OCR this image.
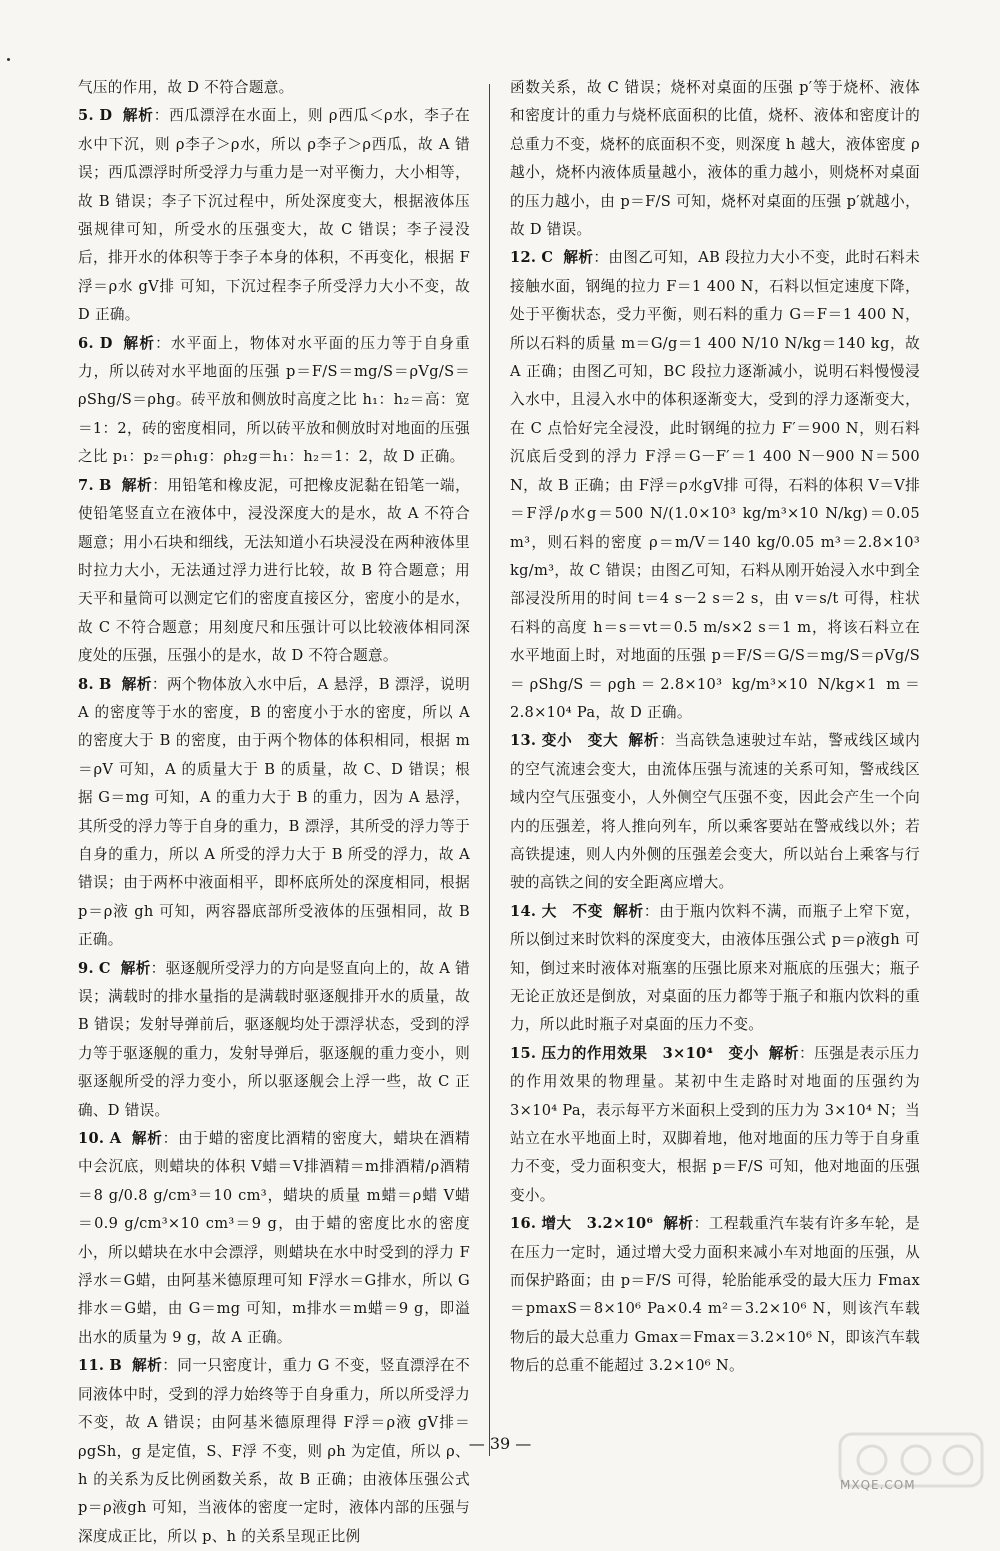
气压的作用，故 D 不符合题意。

5. D 解析：西瓜漂浮在水面上，则 ρ西瓜＜ρ水，李子在水中下沉，则 ρ李子＞ρ水，所以 ρ李子＞ρ西瓜，故 A 错误；西瓜漂浮时所受浮力与重力是一对平衡力，大小相等，故 B 错误；李子下沉过程中，所处深度变大，根据液体压强规律可知，所受水的压强变大，故 C 错误；李子浸没后，排开水的体积等于李子本身的体积，不再变化，根据 F浮＝ρ水 gV排 可知，下沉过程李子所受浮力大小不变，故 D 正确。

6. D 解析：水平面上，物体对水平面的压力等于自身重力，所以砖对水平地面的压强 p＝F/S＝mg/S＝ρVg/S＝ρShg/S＝ρhg。砖平放和侧放时高度之比 h₁：h₂＝高：宽＝1：2，砖的密度相同，所以砖平放和侧放时对地面的压强之比 p₁：p₂＝ρh₁g：ρh₂g＝h₁：h₂＝1：2，故 D 正确。

7. B 解析：用铅笔和橡皮泥，可把橡皮泥黏在铅笔一端，使铅笔竖直立在液体中，浸没深度大的是水，故 A 不符合题意；用小石块和细线，无法知道小石块浸没在两种液体里时拉力大小，无法通过浮力进行比较，故 B 符合题意；用天平和量筒可以测定它们的密度直接区分，密度小的是水，故 C 不符合题意；用刻度尺和压强计可以比较液体相同深度处的压强，压强小的是水，故 D 不符合题意。

8. B 解析：两个物体放入水中后，A 悬浮，B 漂浮，说明 A 的密度等于水的密度，B 的密度小于水的密度，所以 A 的密度大于 B 的密度，由于两个物体的体积相同，根据 m＝ρV 可知，A 的质量大于 B 的质量，故 C、D 错误；根据 G＝mg 可知，A 的重力大于 B 的重力，因为 A 悬浮，其所受的浮力等于自身的重力，B 漂浮，其所受的浮力等于自身的重力，所以 A 所受的浮力大于 B 所受的浮力，故 A 错误；由于两杯中液面相平，即杯底所处的深度相同，根据 p＝ρ液 gh 可知，两容器底部所受液体的压强相同，故 B 正确。

9. C 解析：驱逐舰所受浮力的方向是竖直向上的，故 A 错误；满载时的排水量指的是满载时驱逐舰排开水的质量，故 B 错误；发射导弹前后，驱逐舰均处于漂浮状态，受到的浮力等于驱逐舰的重力，发射导弹后，驱逐舰的重力变小，则驱逐舰所受的浮力变小，所以驱逐舰会上浮一些，故 C 正确、D 错误。

10. A 解析：由于蜡的密度比酒精的密度大，蜡块在酒精中会沉底，则蜡块的体积 V蜡＝V排酒精＝m排酒精/ρ酒精＝8 g/0.8 g/cm³＝10 cm³，蜡块的质量 m蜡＝ρ蜡 V蜡＝0.9 g/cm³×10 cm³＝9 g，由于蜡的密度比水的密度小，所以蜡块在水中会漂浮，则蜡块在水中时受到的浮力 F浮水＝G蜡，由阿基米德原理可知 F浮水＝G排水，所以 G排水＝G蜡，由 G＝mg 可知，m排水＝m蜡＝9 g，即溢出水的质量为 9 g，故 A 正确。

11. B 解析：同一只密度计，重力 G 不变，竖直漂浮在不同液体中时，受到的浮力始终等于自身重力，所以所受浮力不变，故 A 错误；由阿基米德原理得 F浮＝ρ液 gV排＝ρgSh，g 是定值，S、F浮 不变，则 ρh 为定值，所以 ρ、h 的关系为反比例函数关系，故 B 正确；由液体压强公式 p＝ρ液gh 可知，当液体的密度一定时，液体内部的压强与深度成正比，所以 p、h 的关系呈现正比例

函数关系，故 C 错误；烧杯对桌面的压强 p′等于烧杯、液体和密度计的重力与烧杯底面积的比值，烧杯、液体和密度计的总重力不变，烧杯的底面积不变，则深度 h 越大，液体密度 ρ 越小，烧杯内液体质量越小，液体的重力越小，则烧杯对桌面的压力越小，由 p＝F/S 可知，烧杯对桌面的压强 p′就越小，故 D 错误。

12. C 解析：由图乙可知，AB 段拉力大小不变，此时石料未接触水面，钢绳的拉力 F＝1 400 N，石料以恒定速度下降，处于平衡状态，受力平衡，则石料的重力 G＝F＝1 400 N，所以石料的质量 m＝G/g＝1 400 N/10 N/kg＝140 kg，故 A 正确；由图乙可知，BC 段拉力逐渐减小，说明石料慢慢浸入水中，且浸入水中的体积逐渐变大，受到的浮力逐渐变大，在 C 点恰好完全浸没，此时钢绳的拉力 F′＝900 N，则石料沉底后受到的浮力 F浮＝G－F′＝1 400 N－900 N＝500 N，故 B 正确；由 F浮＝ρ水gV排 可得，石料的体积 V＝V排＝F浮/ρ水g＝500 N/(1.0×10³ kg/m³×10 N/kg)＝0.05 m³，则石料的密度 ρ＝m/V＝140 kg/0.05 m³＝2.8×10³ kg/m³，故 C 错误；由图乙可知，石料从刚开始浸入水中到全部浸没所用的时间 t＝4 s－2 s＝2 s，由 v＝s/t 可得，柱状石料的高度 h＝s＝vt＝0.5 m/s×2 s＝1 m，将该石料立在水平地面上时，对地面的压强 p＝F/S＝G/S＝mg/S＝ρVg/S＝ρShg/S＝ρgh＝2.8×10³ kg/m³×10 N/kg×1 m＝2.8×10⁴ Pa，故 D 正确。

13. 变小　变大 解析：当高铁急速驶过车站，警戒线区域内的空气流速会变大，由流体压强与流速的关系可知，警戒线区域内空气压强变小，人外侧空气压强不变，因此会产生一个向内的压强差，将人推向列车，所以乘客要站在警戒线以外；若高铁提速，则人内外侧的压强差会变大，所以站台上乘客与行驶的高铁之间的安全距离应增大。

14. 大　不变 解析：由于瓶内饮料不满，而瓶子上窄下宽，所以倒过来时饮料的深度变大，由液体压强公式 p＝ρ液gh 可知，倒过来时液体对瓶塞的压强比原来对瓶底的压强大；瓶子无论正放还是倒放，对桌面的压力都等于瓶子和瓶内饮料的重力，所以此时瓶子对桌面的压力不变。

15. 压力的作用效果　3×10⁴　变小 解析：压强是表示压力的作用效果的物理量。某初中生走路时对地面的压强约为 3×10⁴ Pa，表示每平方米面积上受到的压力为 3×10⁴ N；当站立在水平地面上时，双脚着地，他对地面的压力等于自身重力不变，受力面积变大，根据 p＝F/S 可知，他对地面的压强变小。

16. 增大　3.2×10⁶ 解析：工程载重汽车装有许多车轮，是在压力一定时，通过增大受力面积来减小车对地面的压强，从而保护路面；由 p＝F/S 可得，轮胎能承受的最大压力 Fmax＝pmaxS＝8×10⁶ Pa×0.4 m²＝3.2×10⁶ N，则该汽车载物后的最大总重力 Gmax＝Fmax＝3.2×10⁶ N，即该汽车载物后的总重不能超过 3.2×10⁶ N。

— 39 —
MXQE.COM
